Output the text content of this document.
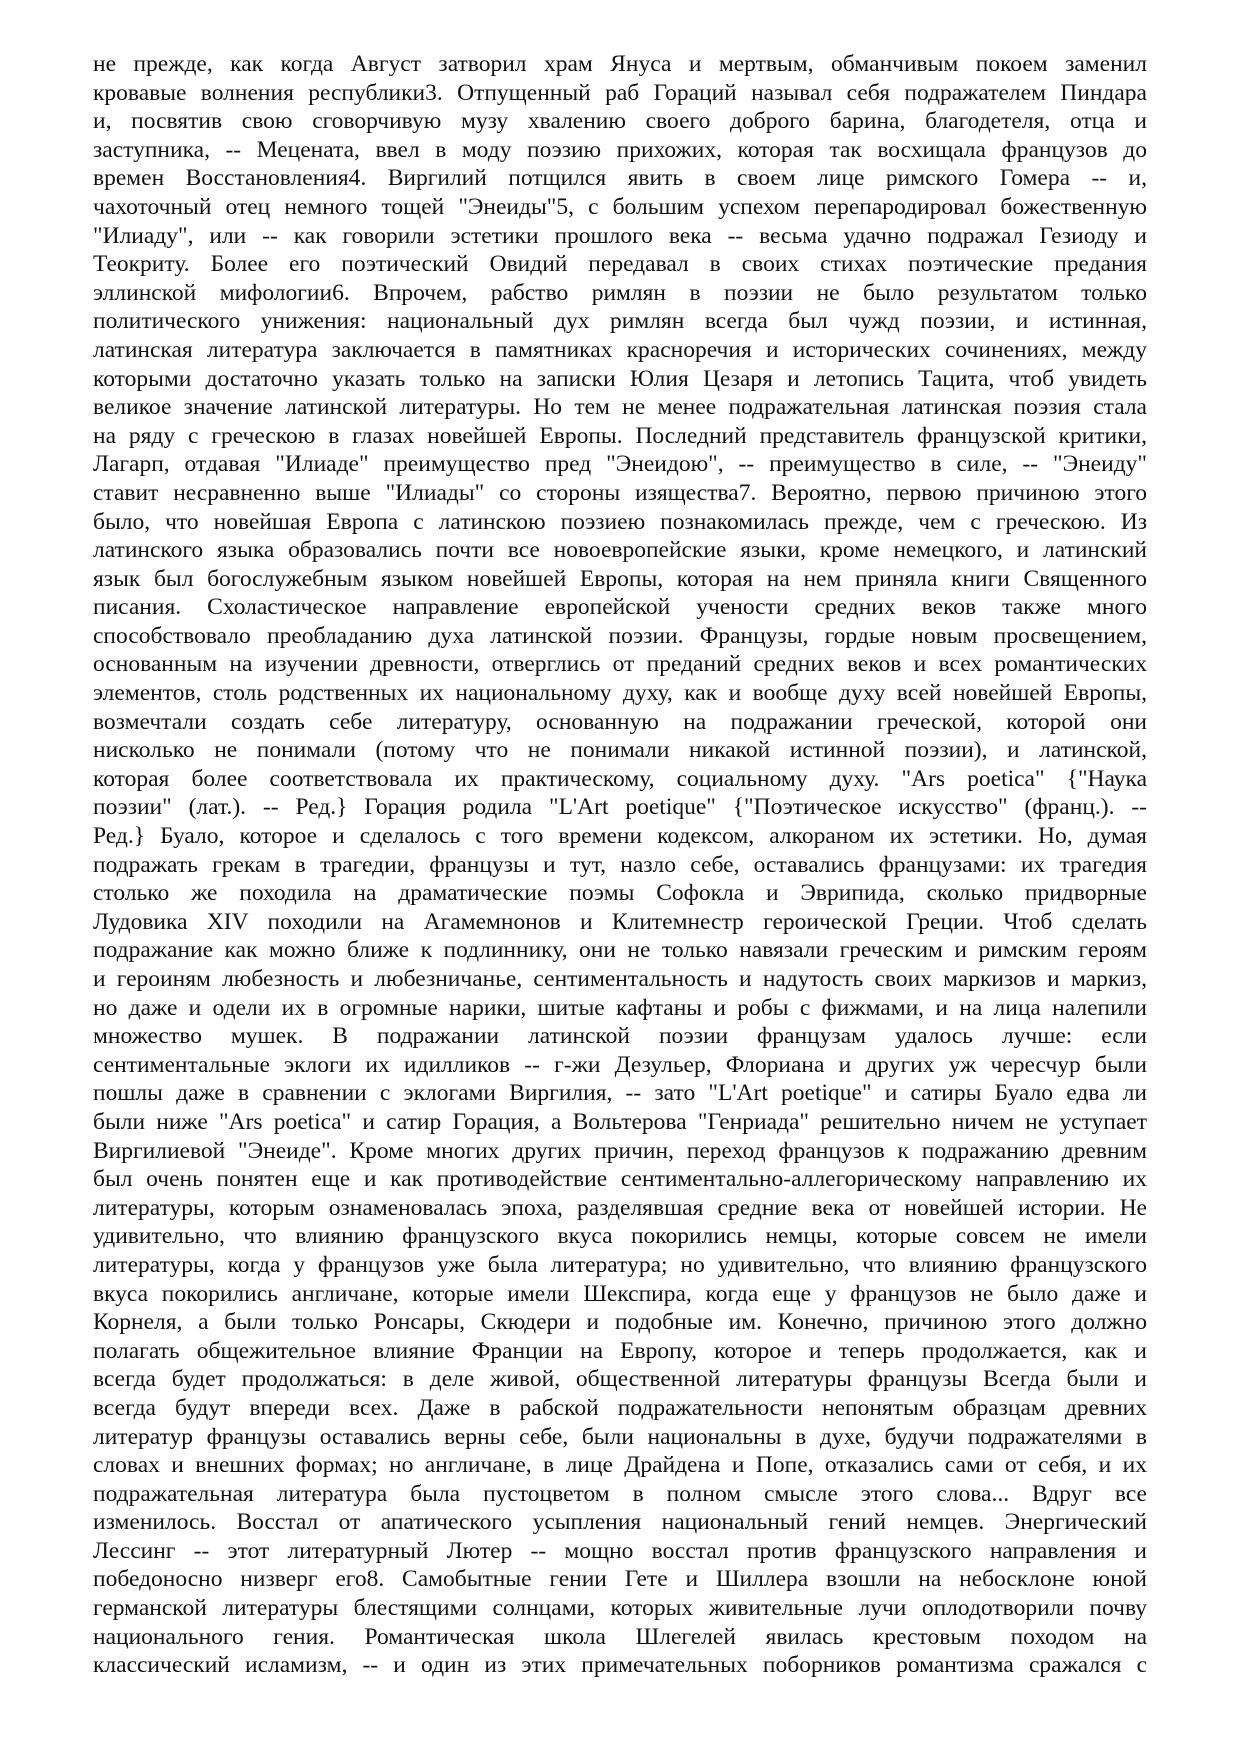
не прежде, как когда Август затворил храм Януса и мертвым, обманчивым покоем заменил
кровавые волнения республики3. Отпущенный раб Гораций называл себя подражателем Пиндара
и, посвятив свою сговорчивую музу хвалению своего доброго барина, благодетеля, отца и
заступника, -- Мецената, ввел в моду поэзию прихожих, которая так восхищала французов до
времен Восстановления4. Виргилий потщился явить в своем лице римского Гомера -- и,
чахоточный отец немного тощей "Энеиды"5, с большим успехом перепародировал божественную
"Илиаду", или -- как говорили эстетики прошлого века -- весьма удачно подражал Гезиоду и
Теокриту. Более его поэтический Овидий передавал в своих стихах поэтические предания
эллинской мифологии6. Впрочем, рабство римлян в поэзии не было результатом только
политического унижения: национальный дух римлян всегда был чужд поэзии, и истинная,
латинская литература заключается в памятниках красноречия и исторических сочинениях, между
которыми достаточно указать только на записки Юлия Цезаря и летопись Тацита, чтоб увидеть
великое значение латинской литературы. Но тем не менее подражательная латинская поэзия стала
на ряду с греческою в глазах новейшей Европы. Последний представитель французской критики,
Лагарп, отдавая "Илиаде" преимущество пред "Энеидою", -- преимущество в силе, -- "Энеиду"
ставит несравненно выше "Илиады" со стороны изящества7. Вероятно, первою причиною этого
было, что новейшая Европа с латинскою поэзиею познакомилась прежде, чем с греческою. Из
латинского языка образовались почти все новоевропейские языки, кроме немецкого, и латинский
язык был богослужебным языком новейшей Европы, которая на нем приняла книги Священного
писания. Схоластическое направление европейской учености средних веков также много
способствовало преобладанию духа латинской поэзии. Французы, гордые новым просвещением,
основанным на изучении древности, отверглись от преданий средних веков и всех романтических
элементов, столь родственных их национальному духу, как и вообще духу всей новейшей Европы,
возмечтали создать себе литературу, основанную на подражании греческой, которой они
нисколько не понимали (потому что не понимали никакой истинной поэзии), и латинской,
которая более соответствовала их практическому, социальному духу. "Ars poetica" {"Наука
поэзии" (лат.). -- Ред.} Горация родила "L'Art poetique" {"Поэтическое искусство" (франц.). --
Ред.} Буало, которое и сделалось с того времени кодексом, алкораном их эстетики. Но, думая
подражать грекам в трагедии, французы и тут, назло себе, оставались французами: их трагедия
столько же походила на драматические поэмы Софокла и Эврипида, сколько придворные
Лудовика XIV походили на Агамемнонов и Клитемнестр героической Греции. Чтоб сделать
подражание как можно ближе к подлиннику, они не только навязали греческим и римским героям
и героиням любезность и любезничанье, сентиментальность и надутость своих маркизов и маркиз,
но даже и одели их в огромные нарики, шитые кафтаны и робы с фижмами, и на лица налепили
множество мушек. В подражании латинской поэзии французам удалось лучше: если
сентиментальные эклоги их идилликов -- г-жи Дезульер, Флориана и других уж чересчур были
пошлы даже в сравнении с эклогами Виргилия, -- зато "L'Art poetique" и сатиры Буало едва ли
были ниже "Ars poetica" и сатир Горация, а Вольтерова "Генриада" решительно ничем не уступает
Виргилиевой "Энеиде". Кроме многих других причин, переход французов к подражанию древним
был очень понятен еще и как противодействие сентиментально-аллегорическому направлению их
литературы, которым ознаменовалась эпоха, разделявшая средние века от новейшей истории. Не
удивительно, что влиянию французского вкуса покорились немцы, которые совсем не имели
литературы, когда у французов уже была литература; но удивительно, что влиянию французского
вкуса покорились англичане, которые имели Шекспира, когда еще у французов не было даже и
Корнеля, а были только Ронсары, Скюдери и подобные им. Конечно, причиною этого должно
полагать общежительное влияние Франции на Европу, которое и теперь продолжается, как и
всегда будет продолжаться: в деле живой, общественной литературы французы Всегда были и
всегда будут впереди всех. Даже в рабской подражательности непонятым образцам древних
литератур французы оставались верны себе, были национальны в духе, будучи подражателями в
словах и внешних формах; но англичане, в лице Драйдена и Попе, отказались сами от себя, и их
подражательная литература была пустоцветом в полном смысле этого слова... Вдруг все
изменилось. Восстал от апатического усыпления национальный гений немцев. Энергический
Лессинг -- этот литературный Лютер -- мощно восстал против французского направления и
победоносно низверг его8. Самобытные гении Гете и Шиллера взошли на небосклоне юной
германской литературы блестящими солнцами, которых живительные лучи оплодотворили почву
национального гения. Романтическая школа Шлегелей явилась крестовым походом на
классический исламизм, -- и один из этих примечательных поборников романтизма сражался с
